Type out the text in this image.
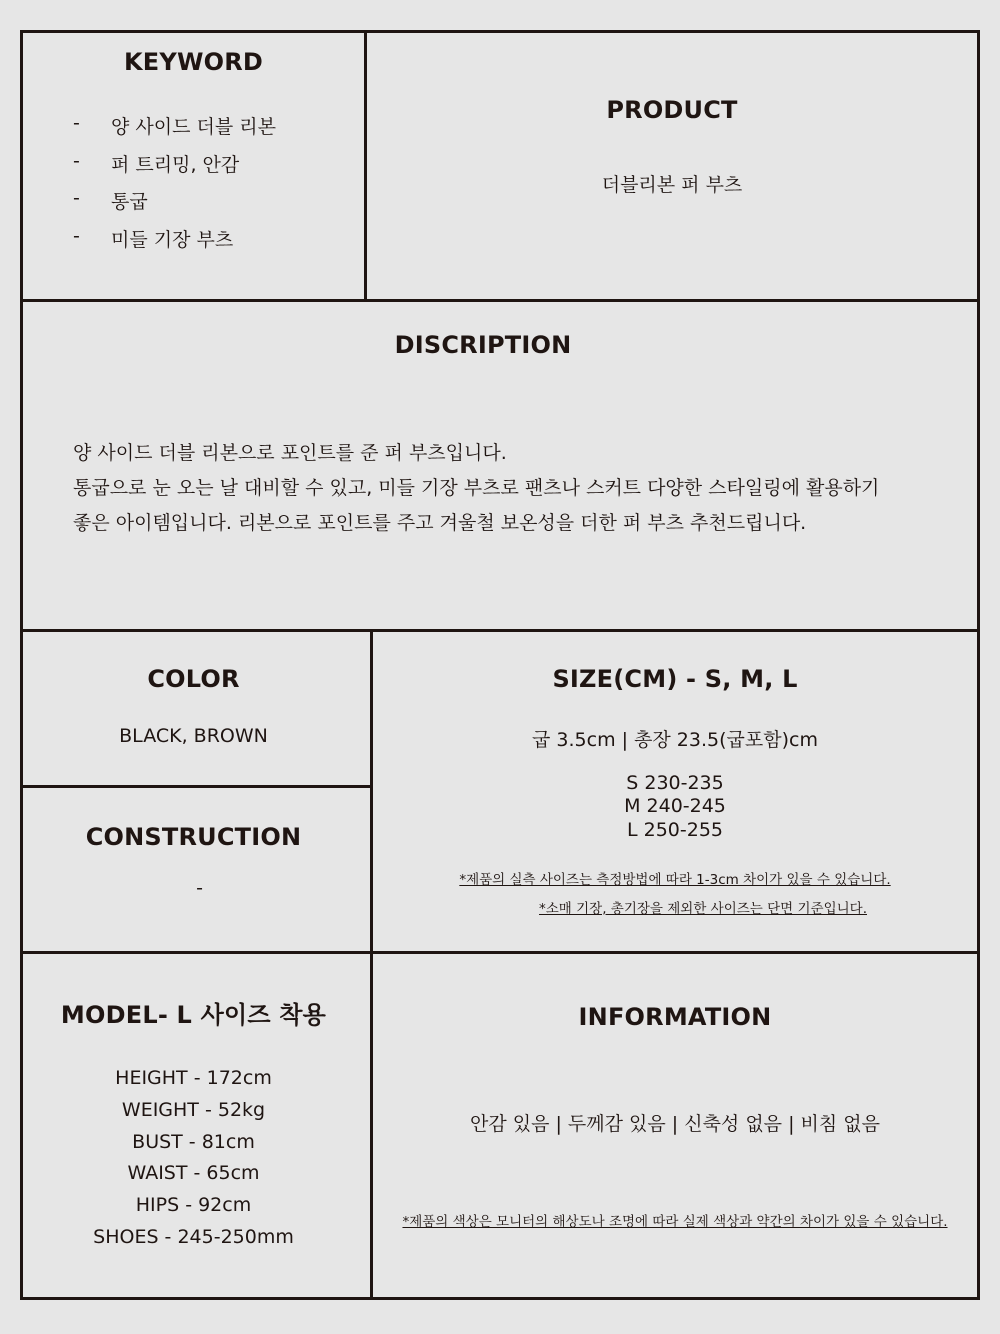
KEYWORD
- 양 사이드 더블 리본
- 퍼 트리밍, 안감
- 통굽
- 미들 기장 부츠
PRODUCT
더블리본 퍼 부츠
DISCRIPTION
양 사이드 더블 리본으로 포인트를 준 퍼 부츠입니다.
통굽으로 눈 오는 날 대비할 수 있고, 미들 기장 부츠로 팬츠나 스커트 다양한 스타일링에 활용하기
좋은 아이템입니다. 리본으로 포인트를 주고 겨울철 보온성을 더한 퍼 부츠 추천드립니다.
COLOR
BLACK, BROWN
CONSTRUCTION
-
SIZE(CM) - S, M, L
굽 3.5cm | 총장 23.5(굽포함)cm
S 230-235
M 240-245
L 250-255
*제품의 실측 사이즈는 측정방법에 따라 1-3cm 차이가 있을 수 있습니다.
*소매 기장, 총기장을 제외한 사이즈는 단면 기준입니다.
MODEL- L 사이즈 착용
HEIGHT - 172cm
WEIGHT - 52kg
BUST - 81cm
WAIST - 65cm
HIPS - 92cm
SHOES - 245-250mm
INFORMATION
안감 있음 | 두께감 있음 | 신축성 없음 | 비침 없음
*제품의 색상은 모니터의 해상도나 조명에 따라 실제 색상과 약간의 차이가 있을 수 있습니다.
